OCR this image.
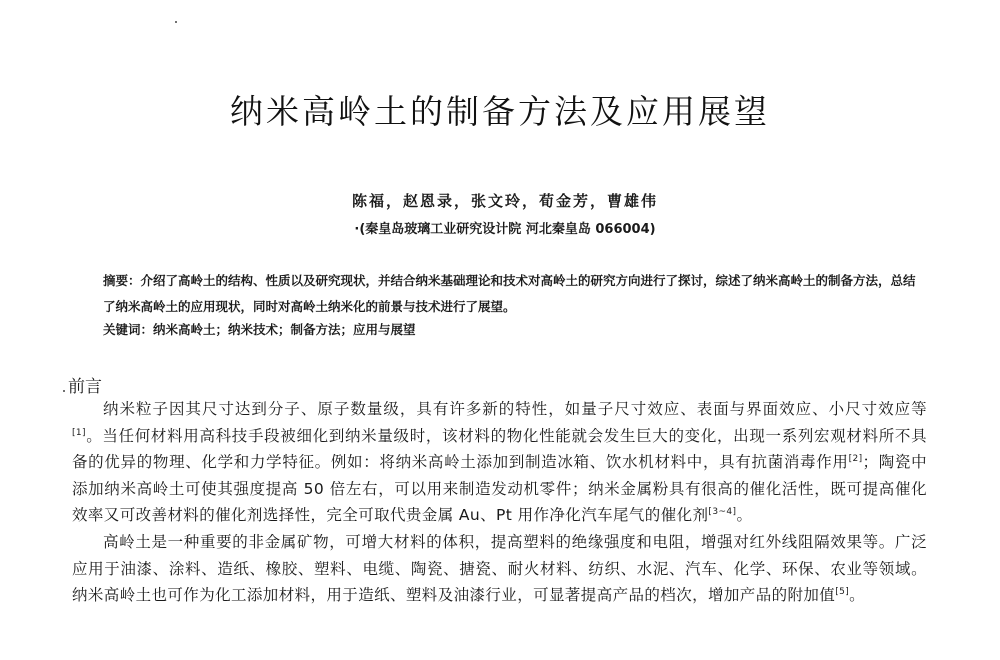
纳米高岭土的制备方法及应用展望
陈福，赵恩录，张文玲，荀金芳，曹雄伟
·(秦皇岛玻璃工业研究设计院 河北秦皇岛 066004)
摘要：介绍了高岭土的结构、性质以及研究现状，并结合纳米基础理论和技术对高岭土的研究方向进行了探讨，综述了纳米高岭土的制备方法，总结了纳米高岭土的应用现状，同时对高岭土纳米化的前景与技术进行了展望。
关键词：纳米高岭土；纳米技术；制备方法；应用与展望
前言

纳米粒子因其尺寸达到分子、原子数量级，具有许多新的特性，如量子尺寸效应、表面与界面效应、小尺寸效应等[1]。当任何材料用高科技手段被细化到纳米量级时，该材料的物化性能就会发生巨大的变化，出现一系列宏观材料所不具备的优异的物理、化学和力学特征。例如：将纳米高岭土添加到制造冰箱、饮水机材料中，具有抗菌消毒作用[2]；陶瓷中添加纳米高岭土可使其强度提高 50 倍左右，可以用来制造发动机零件；纳米金属粉具有很高的催化活性，既可提高催化效率又可改善材料的催化剂选择性，完全可取代贵金属 Au、Pt 用作净化汽车尾气的催化剂[3~4]。

高岭土是一种重要的非金属矿物，可增大材料的体积，提高塑料的绝缘强度和电阻，增强对红外线阻隔效果等。广泛应用于油漆、涂料、造纸、橡胶、塑料、电缆、陶瓷、搪瓷、耐火材料、纺织、水泥、汽车、化学、环保、农业等领域。纳米高岭土也可作为化工添加材料，用于造纸、塑料及油漆行业，可显著提高产品的档次，增加产品的附加值[5]。
